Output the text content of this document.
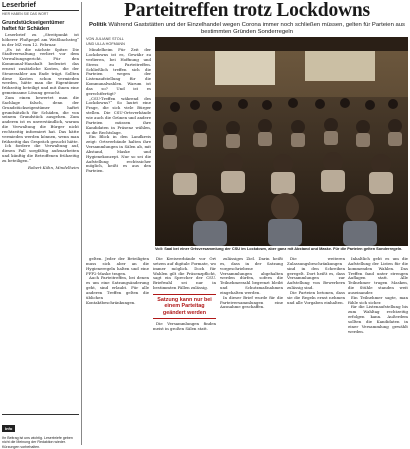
Leserbrief
HIER HABEN SIE DAS WORT
Grundstückseigentümer haftet für Schäden

Leserbrief zu „Streitpunkt ist höherer Flußpegel am Weißbachsteg“ in der MZ vom 12. Februar.

„Es ist die nächste Spitze: Die Stadtverwaltung verliert vor dem Verwaltungsgericht. Für den Kommunal-Haushalt bedeutet das erneut zusätzliche Kosten, die der Steuerzahler am Ende trägt. Sollten diese Kosten schon vermieden werden, hätte man die Eigentümer frühzeitig beteiligt und mit ihnen eine gemeinsame Lösung gesucht.

Zum einen bewertet man die Sachlage falsch, denn der Grundstückseigentümer haftet grundsätzlich für Schäden, die von seinem Grundstück ausgehen. Zum anderen ist es unverständlich, warum die Verwaltung die Bürger nicht rechtzeitig informiert hat. Das hätte vermieden werden können, wenn man frühzeitig das Gespräch gesucht hätte.

Ich fordere die Verwaltung auf, diesen Fall sorgfältig aufzuarbeiten und künftig die Betroffenen frühzeitig zu beteiligen.“

Robert Kühn, Mindelheim
Info
Ihr Beitrag ist uns wichtig. Leserbriefe geben nicht die Meinung der Redaktion wieder. Kürzungen vorbehalten.
Parteitreffen trotz Lockdowns
Politik Während Gaststätten und der Einzelhandel wegen Corona immer noch schließen müssen, gelten für Parteien aus bestimmten Gründen Sonderregeln
VON JULIANE STOLL
UND ULLA HOFMANN

Mindelheim Für Zeit der Lockdowns ist es, Gewähr zu verlieren, bei Hoffnung und Stress zu Parteitreffen. Schließlich treffen sich die Parteien wegen der Listenaufstellung für die Kommunalwahlen. Warum ist das so? Und ist es gerechtfertigt?

„CSU-Treffen während des Lockdowns?“ So lautet eine Frage, die sich viele Bürger stellen. Die CSU-Ortsverbände wie auch die Grünen und andere Parteien müssen ihre Kandidaten in Präsenz wählen, so die Rechtslage.

Ein Blick in den Landkreis zeigt: Ortsverbände halten ihre Versammlungen in Sälen ab, mit Abstand, Maske und Hygienekonzept. Nur so sei die Aufstellung rechtssicher möglich, heißt es aus den Parteien.

Voll: Saal bei einer Ortsversammlung der CSU im Lockdown, aber ganz mit Abstand und Maske. Für die Parteien gelten Sonderregeln.

gelten. Jeder der Beteiligten muss sich aber an die Hygieneregeln halten und eine FFP2-Maske tragen.

Auch Parteitreffen, bei denen es um eine Satzungsänderung geht, sind erlaubt. Für alle anderen Treffen gelten die üblichen Kontaktbeschränkungen.

Die Kreisverbände vor Ort setzen auf digitale Formate, wo immer möglich. Doch für Wahlen gilt die Präsenzpflicht, sagt ein Sprecher der CSU. Briefwahl sei nur in bestimmten Fällen zulässig.

Satzung kann nur bei einem Parteitag geändert werden

Die Versammlungen finden meist in großen Sälen statt.

zulässiges Ziel. Darin heißt es, dass in der Satzung vorgeschriebene Versammlungen abgehalten werden dürfen, sofern die Teilnehmerzahl begrenzt bleibt und Schutzmaßnahmen eingehalten werden.

In dieser Brief wurde für die Parteiversammlungen eine Ausnahme geschaffen.

Die weiteren Zulassungsbeschränkungen sind in den Schreiben geregelt. Dort heißt es, dass Versammlungen zur Aufstellung von Bewerbern zulässig sind.

Die Parteien betonen, dass sie die Regeln ernst nehmen und alle Vorgaben einhalten.

Inhaltlich geht es um die Aufstellung der Listen für die kommenden Wahlen. Das Treffen fand unter strengen Auflagen statt. Alle Teilnehmer trugen Masken, die Stühle standen weit auseinander.

Ein Teilnehmer sagte, man fühle sich sicher.

für die Listenaufstellung bis zum Wahltag rechtzeitig erfolgen kann. Außerdem sollten die Kandidaten in einer Versammlung gewählt werden.
